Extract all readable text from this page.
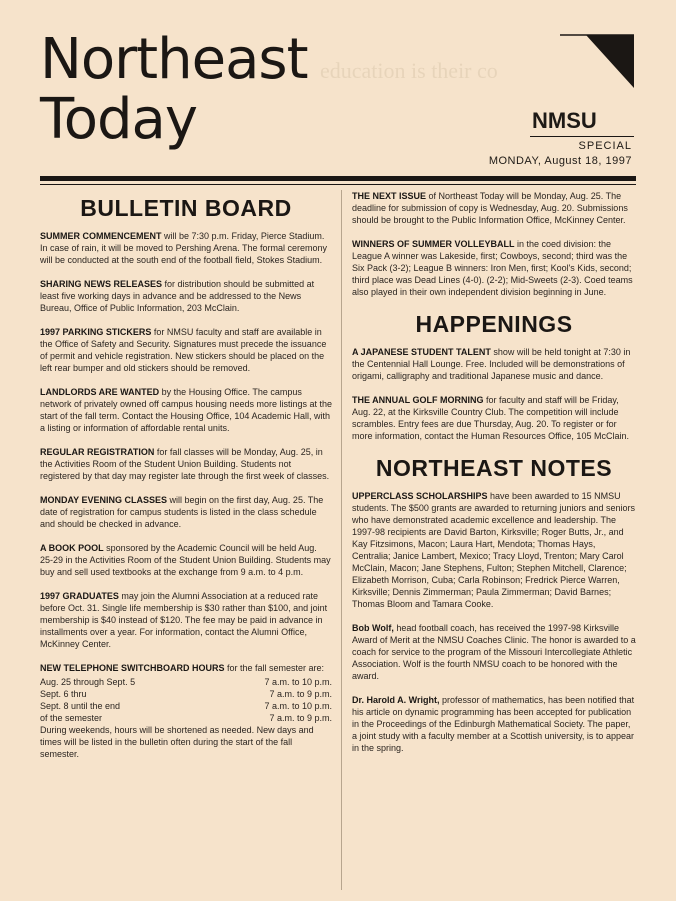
education is their co
Northeast
Today	NMSU
SPECIAL
MONDAY, August 18, 1997
BULLETIN BOARD
SUMMER COMMENCEMENT will be 7:30 p.m. Friday, Pierce Stadium. In case of rain, it will be moved to Pershing Arena. The formal ceremony will be conducted at the south end of the football field, Stokes Stadium.
SHARING NEWS RELEASES for distribution should be submitted at least five working days in advance and be addressed to the News Bureau, Office of Public Information, 203 McClain.
1997 PARKING STICKERS for NMSU faculty and staff are available in the Office of Safety and Security. Signatures must precede the issuance of permit and vehicle registration. New stickers should be placed on the left rear bumper and old stickers should be removed.
LANDLORDS ARE WANTED by the Housing Office. The campus network of privately owned off campus housing needs more listings at the start of the fall term. Contact the Housing Office, 104 Academic Hall, with a listing or information of affordable rental units.
REGULAR REGISTRATION for fall classes will be Monday, Aug. 25, in the Activities Room of the Student Union Building. Students not registered by that day may register late through the first week of classes.
MONDAY EVENING CLASSES will begin on the first day, Aug. 25. The date of registration for campus students is listed in the class schedule and should be checked in advance.
A BOOK POOL sponsored by the Academic Council will be held Aug. 25-29 in the Activities Room of the Student Union Building. Students may buy and sell used textbooks at the exchange from 9 a.m. to 4 p.m.
1997 GRADUATES may join the Alumni Association at a reduced rate before Oct. 31. Single life membership is $30 rather than $100, and joint membership is $40 instead of $120. The fee may be paid in advance in installments over a year. For information, contact the Alumni Office, McKinney Center.
NEW TELEPHONE SWITCHBOARD HOURS for the fall semester are:
Aug. 25 through Sept. 5	7 a.m. to 10 p.m.
Sept. 6 thru	7 a.m. to 9 p.m.
Sept. 8 until the end	7 a.m. to 10 p.m.
of the semester	7 a.m. to 9 p.m.
During weekends, hours will be shortened as needed. New days and times will be listed in the bulletin often during the start of the fall semester.
THE NEXT ISSUE of Northeast Today will be Monday, Aug. 25. The deadline for submission of copy is Wednesday, Aug. 20. Submissions should be brought to the Public Information Office, McKinney Center.
WINNERS OF SUMMER VOLLEYBALL in the coed division: the League A winner was Lakeside, first; Cowboys, second; third was the Six Pack (3-2); League B winners: Iron Men, first; Kool's Kids, second; third place was Dead Lines (4-0). (2-2); Mid-Sweets (2-3). Coed teams also played in their own independent division beginning in June.
HAPPENINGS
A JAPANESE STUDENT TALENT show will be held tonight at 7:30 in the Centennial Hall Lounge. Free. Included will be demonstrations of origami, calligraphy and traditional Japanese music and dance.
THE ANNUAL GOLF MORNING for faculty and staff will be Friday, Aug. 22, at the Kirksville Country Club. The competition will include scrambles. Entry fees are due Thursday, Aug. 20. To register or for more information, contact the Human Resources Office, 105 McClain.
NORTHEAST NOTES
UPPERCLASS SCHOLARSHIPS have been awarded to 15 NMSU students. The $500 grants are awarded to returning juniors and seniors who have demonstrated academic excellence and leadership. The 1997-98 recipients are David Barton, Kirksville; Roger Butts, Jr., and Kay Fitzsimons, Macon; Laura Hart, Mendota; Thomas Hays, Centralia; Janice Lambert, Mexico; Tracy Lloyd, Trenton; Mary Carol McClain, Macon; Jane Stephens, Fulton; Stephen Mitchell, Clarence; Elizabeth Morrison, Cuba; Carla Robinson; Fredrick Pierce Warren, Kirksville; Dennis Zimmerman; Paula Zimmerman; David Barnes; Thomas Bloom and Tamara Cooke.
Bob Wolf, head football coach, has received the 1997-98 Kirksville Award of Merit at the NMSU Coaches Clinic. The honor is awarded to a coach for service to the program of the Missouri Intercollegiate Athletic Association. Wolf is the fourth NMSU coach to be honored with the award.
Dr. Harold A. Wright, professor of mathematics, has been notified that his article on dynamic programming has been accepted for publication in the Proceedings of the Edinburgh Mathematical Society. The paper, a joint study with a faculty member at a Scottish university, is to appear in the spring.
